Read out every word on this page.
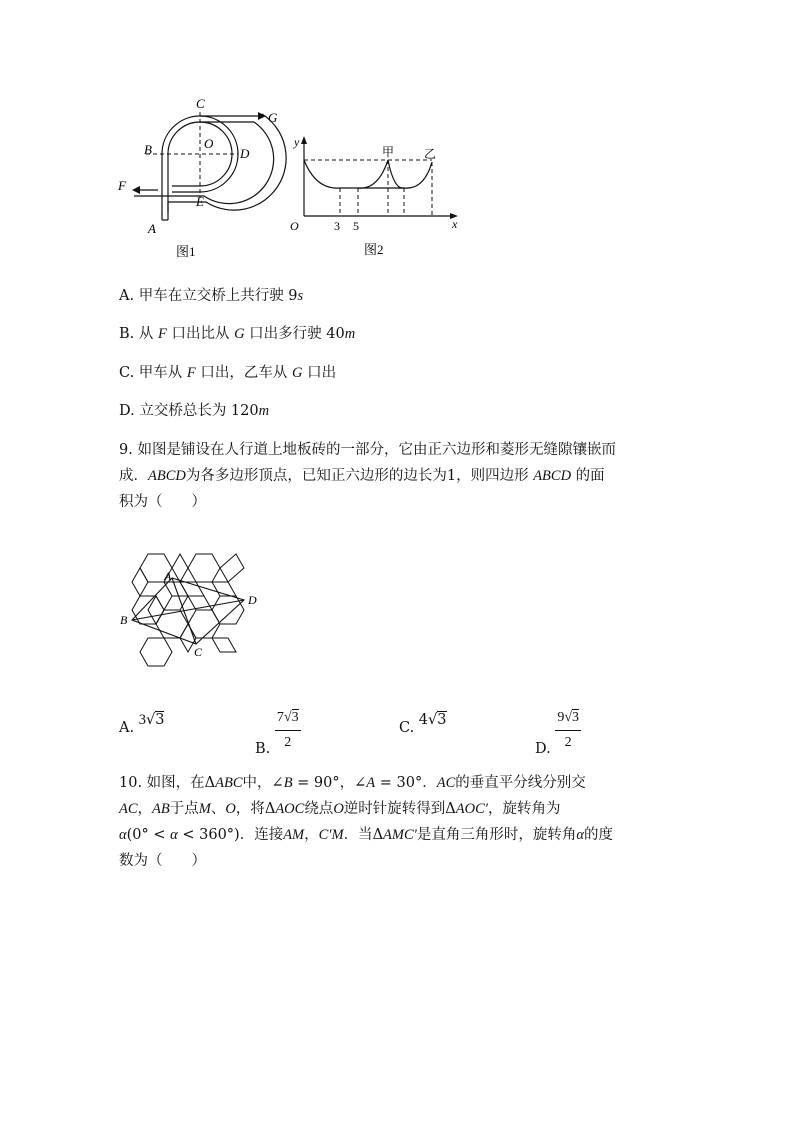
A
B
C
D
E
F
G
O
图1
y
x
O	3 5
甲 乙
图2
A. 甲车在立交桥上共行驶 9s
B. 从 F 口出比从 G 口出多行驶 40m
C. 甲车从 F 口出，乙车从 G 口出
D. 立交桥总长为 120m

9. 如图是铺设在人行道上地板砖的一部分，它由正六边形和菱形无缝隙镶嵌而

成．ABCD为各多边形顶点，已知正六边形的边长为1，则四边形 ABCD 的面

积为（　　）

A
B
C
D
A. 3√3
B. $\frac{7√3}{2}$	C. 4√3
D. $\frac{9√3}{2}$

10. 如图，在ΔABC中，∠B = 90°，∠A = 30°．AC的垂直平分线分别交

AC，AB于点M、O，将ΔAOC绕点O逆时针旋转得到ΔAOC′，旋转角为

α(0° < α < 360°)．连接AM，C′M．当ΔAMC′是直角三角形时，旋转角α的度

数为（　　）
